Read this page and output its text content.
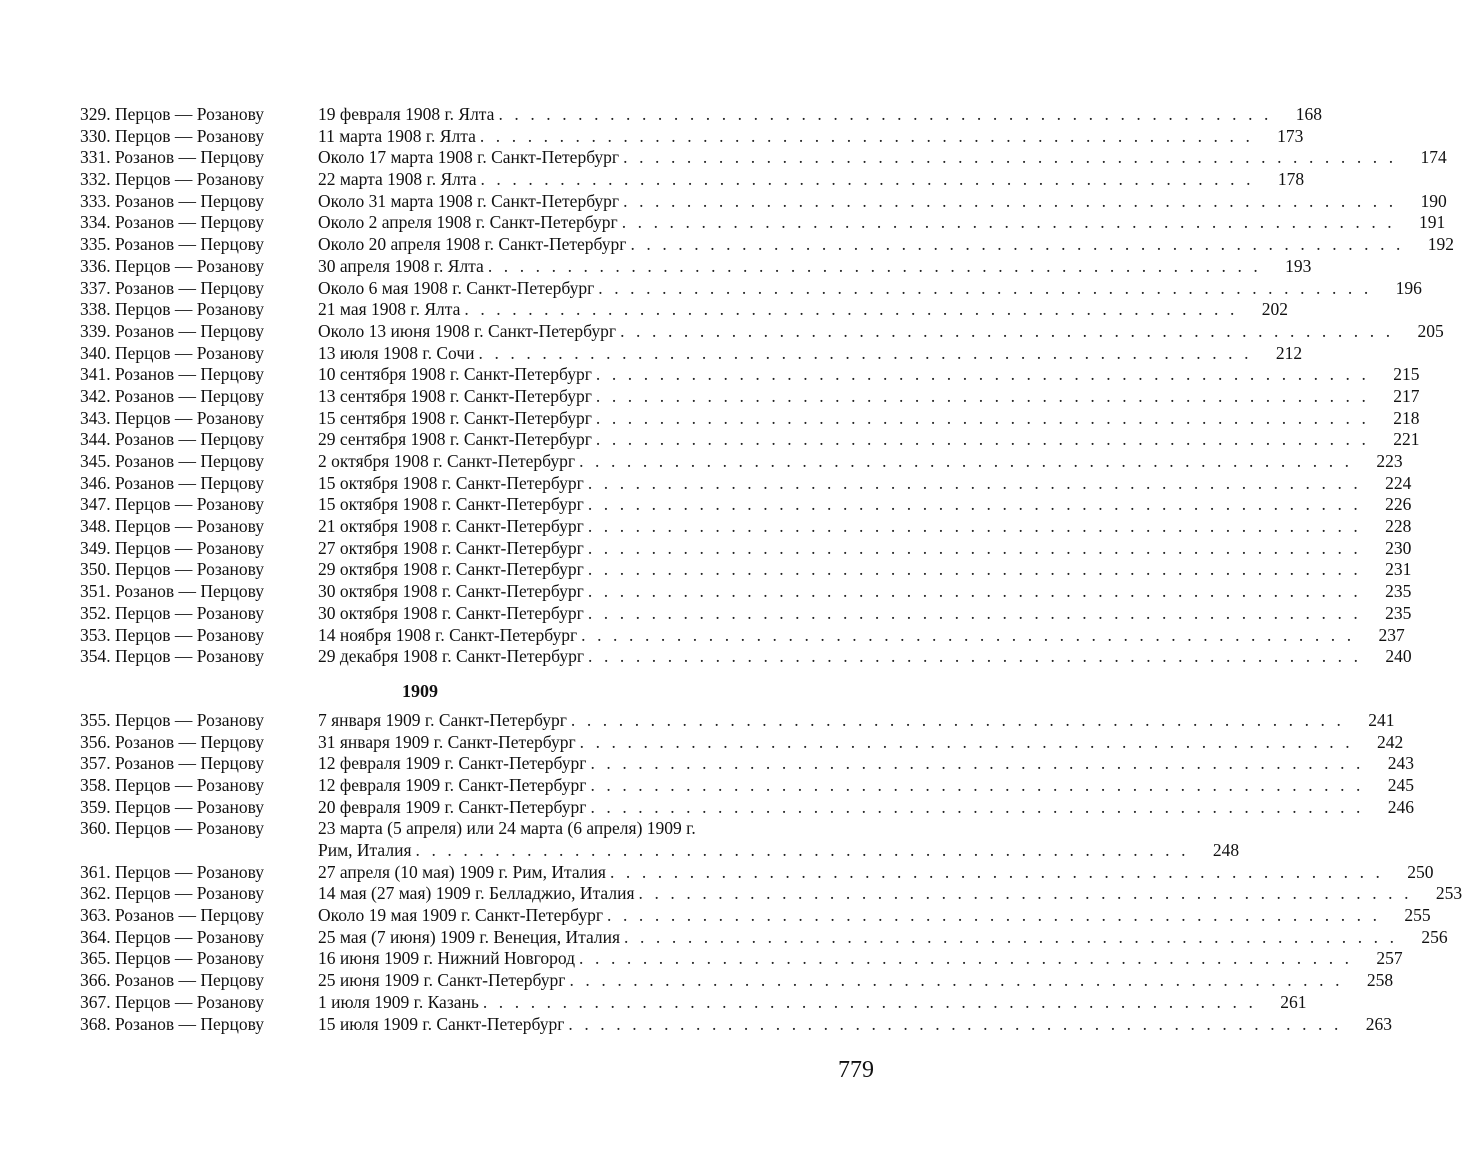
329. Перцов — Розанову	19 февраля 1908 г. Ялта . . . . . . . . . . . . . . . . . . . . . . . . . . . . . . . . . . . . . . . . . . . . . . . . .	168
330. Перцов — Розанову	11 марта 1908 г. Ялта . . . . . . . . . . . . . . . . . . . . . . . . . . . . . . . . . . . . . . . . . . . . . . . . .	173
331. Розанов — Перцову	Около 17 марта 1908 г. Санкт-Петербург . . . . . . . . . . . . . . . . . . . . . . . . . . . . . . . . . . . . . . . . . . . . . . . . .	174
332. Перцов — Розанову	22 марта 1908 г. Ялта . . . . . . . . . . . . . . . . . . . . . . . . . . . . . . . . . . . . . . . . . . . . . . . . .	178
333. Розанов — Перцову	Около 31 марта 1908 г. Санкт-Петербург . . . . . . . . . . . . . . . . . . . . . . . . . . . . . . . . . . . . . . . . . . . . . . . . .	190
334. Розанов — Перцову	Около 2 апреля 1908 г. Санкт-Петербург . . . . . . . . . . . . . . . . . . . . . . . . . . . . . . . . . . . . . . . . . . . . . . . . .	191
335. Розанов — Перцову	Около 20 апреля 1908 г. Санкт-Петербург . . . . . . . . . . . . . . . . . . . . . . . . . . . . . . . . . . . . . . . . . . . . . . . . .	192
336. Перцов — Розанову	30 апреля 1908 г. Ялта . . . . . . . . . . . . . . . . . . . . . . . . . . . . . . . . . . . . . . . . . . . . . . . . .	193
337. Розанов — Перцову	Около 6 мая 1908 г. Санкт-Петербург . . . . . . . . . . . . . . . . . . . . . . . . . . . . . . . . . . . . . . . . . . . . . . . . .	196
338. Перцов — Розанову	21 мая 1908 г. Ялта . . . . . . . . . . . . . . . . . . . . . . . . . . . . . . . . . . . . . . . . . . . . . . . . .	202
339. Розанов — Перцову	Около 13 июня 1908 г. Санкт-Петербург . . . . . . . . . . . . . . . . . . . . . . . . . . . . . . . . . . . . . . . . . . . . . . . . .	205
340. Перцов — Розанову	13 июля 1908 г. Сочи . . . . . . . . . . . . . . . . . . . . . . . . . . . . . . . . . . . . . . . . . . . . . . . . .	212
341. Розанов — Перцову	10 сентября 1908 г. Санкт-Петербург . . . . . . . . . . . . . . . . . . . . . . . . . . . . . . . . . . . . . . . . . . . . . . . . .	215
342. Розанов — Перцову	13 сентября 1908 г. Санкт-Петербург . . . . . . . . . . . . . . . . . . . . . . . . . . . . . . . . . . . . . . . . . . . . . . . . .	217
343. Перцов — Розанову	15 сентября 1908 г. Санкт-Петербург . . . . . . . . . . . . . . . . . . . . . . . . . . . . . . . . . . . . . . . . . . . . . . . . .	218
344. Розанов — Перцову	29 сентября 1908 г. Санкт-Петербург . . . . . . . . . . . . . . . . . . . . . . . . . . . . . . . . . . . . . . . . . . . . . . . . .	221
345. Розанов — Перцову	2 октября 1908 г. Санкт-Петербург . . . . . . . . . . . . . . . . . . . . . . . . . . . . . . . . . . . . . . . . . . . . . . . . .	223
346. Розанов — Перцову	15 октября 1908 г. Санкт-Петербург . . . . . . . . . . . . . . . . . . . . . . . . . . . . . . . . . . . . . . . . . . . . . . . . .	224
347. Перцов — Розанову	15 октября 1908 г. Санкт-Петербург . . . . . . . . . . . . . . . . . . . . . . . . . . . . . . . . . . . . . . . . . . . . . . . . .	226
348. Перцов — Розанову	21 октября 1908 г. Санкт-Петербург . . . . . . . . . . . . . . . . . . . . . . . . . . . . . . . . . . . . . . . . . . . . . . . . .	228
349. Перцов — Розанову	27 октября 1908 г. Санкт-Петербург . . . . . . . . . . . . . . . . . . . . . . . . . . . . . . . . . . . . . . . . . . . . . . . . .	230
350. Перцов — Розанову	29 октября 1908 г. Санкт-Петербург . . . . . . . . . . . . . . . . . . . . . . . . . . . . . . . . . . . . . . . . . . . . . . . . .	231
351. Розанов — Перцову	30 октября 1908 г. Санкт-Петербург . . . . . . . . . . . . . . . . . . . . . . . . . . . . . . . . . . . . . . . . . . . . . . . . .	235
352. Перцов — Розанову	30 октября 1908 г. Санкт-Петербург . . . . . . . . . . . . . . . . . . . . . . . . . . . . . . . . . . . . . . . . . . . . . . . . .	235
353. Перцов — Розанову	14 ноября 1908 г. Санкт-Петербург . . . . . . . . . . . . . . . . . . . . . . . . . . . . . . . . . . . . . . . . . . . . . . . . .	237
354. Перцов — Розанову	29 декабря 1908 г. Санкт-Петербург . . . . . . . . . . . . . . . . . . . . . . . . . . . . . . . . . . . . . . . . . . . . . . . . .	240
1909
355. Перцов — Розанову	7 января 1909 г. Санкт-Петербург . . . . . . . . . . . . . . . . . . . . . . . . . . . . . . . . . . . . . . . . . . . . . . . . .	241
356. Розанов — Перцову	31 января 1909 г. Санкт-Петербург . . . . . . . . . . . . . . . . . . . . . . . . . . . . . . . . . . . . . . . . . . . . . . . . .	242
357. Розанов — Перцову	12 февраля 1909 г. Санкт-Петербург . . . . . . . . . . . . . . . . . . . . . . . . . . . . . . . . . . . . . . . . . . . . . . . . .	243
358. Перцов — Розанову	12 февраля 1909 г. Санкт-Петербург . . . . . . . . . . . . . . . . . . . . . . . . . . . . . . . . . . . . . . . . . . . . . . . . .	245
359. Перцов — Розанову	20 февраля 1909 г. Санкт-Петербург . . . . . . . . . . . . . . . . . . . . . . . . . . . . . . . . . . . . . . . . . . . . . . . . .	246
360. Перцов — Розанову	23 марта (5 апреля) или 24 марта (6 апреля) 1909 г.
Рим, Италия . . . . . . . . . . . . . . . . . . . . . . . . . . . . . . . . . . . . . . . . . . . . . . . . .	248
361. Перцов — Розанову	27 апреля (10 мая) 1909 г. Рим, Италия . . . . . . . . . . . . . . . . . . . . . . . . . . . . . . . . . . . . . . . . . . . . . . . . .	250
362. Перцов — Розанову	14 мая (27 мая) 1909 г. Белладжио, Италия . . . . . . . . . . . . . . . . . . . . . . . . . . . . . . . . . . . . . . . . . . . . . . . . .	253
363. Розанов — Перцову	Около 19 мая 1909 г. Санкт-Петербург . . . . . . . . . . . . . . . . . . . . . . . . . . . . . . . . . . . . . . . . . . . . . . . . .	255
364. Перцов — Розанову	25 мая (7 июня) 1909 г. Венеция, Италия . . . . . . . . . . . . . . . . . . . . . . . . . . . . . . . . . . . . . . . . . . . . . . . . .	256
365. Перцов — Розанову	16 июня 1909 г. Нижний Новгород . . . . . . . . . . . . . . . . . . . . . . . . . . . . . . . . . . . . . . . . . . . . . . . . .	257
366. Розанов — Перцову	25 июня 1909 г. Санкт-Петербург . . . . . . . . . . . . . . . . . . . . . . . . . . . . . . . . . . . . . . . . . . . . . . . . .	258
367. Перцов — Розанову	1 июля 1909 г. Казань . . . . . . . . . . . . . . . . . . . . . . . . . . . . . . . . . . . . . . . . . . . . . . . . .	261
368. Розанов — Перцову	15 июля 1909 г. Санкт-Петербург . . . . . . . . . . . . . . . . . . . . . . . . . . . . . . . . . . . . . . . . . . . . . . . . .	263
779
